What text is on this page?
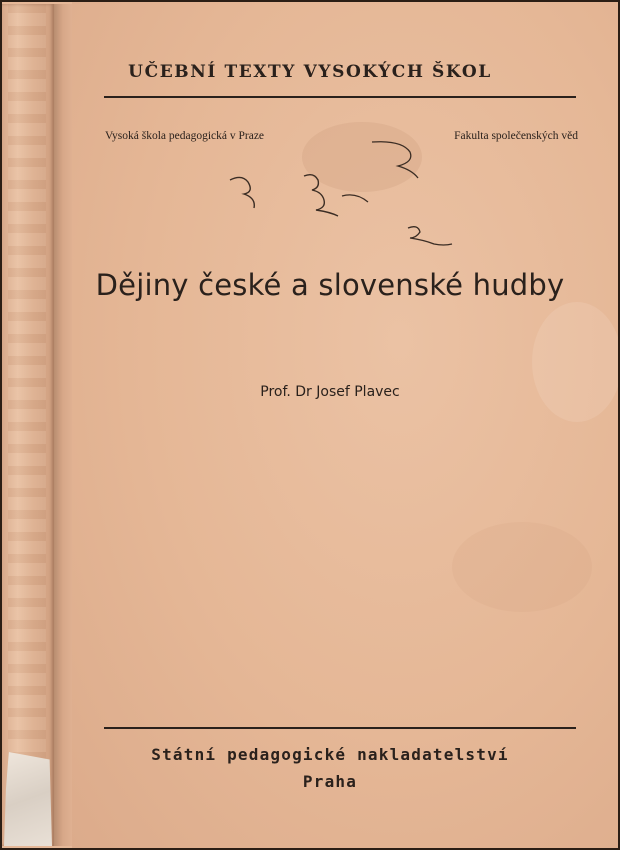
UČEBNÍ TEXTY VYSOKÝCH ŠKOL
Vysoká škola pedagogická v Praze	Fakulta společenských věd
Dějiny české a slovenské hudby
Prof. Dr Josef Plavec
Státní pedagogické nakladatelství
Praha
